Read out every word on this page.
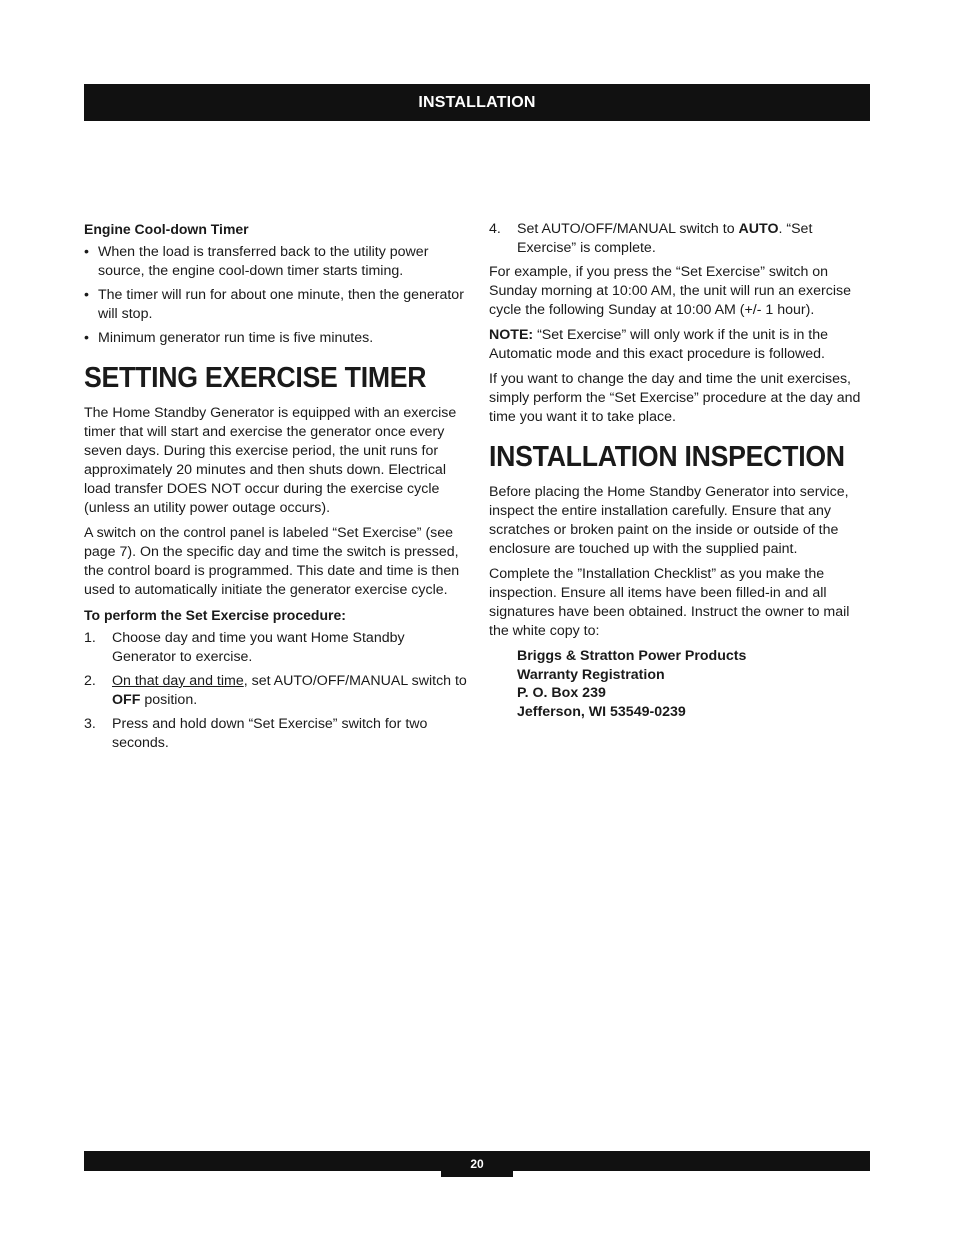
INSTALLATION
Engine Cool-down Timer
• When the load is transferred back to the utility power source, the engine cool-down timer starts timing.
• The timer will run for about one minute, then the generator will stop.
• Minimum generator run time is five minutes.
SETTING EXERCISE TIMER

The Home Standby Generator is equipped with an exercise timer that will start and exercise the generator once every seven days. During this exercise period, the unit runs for approximately 20 minutes and then shuts down. Electrical load transfer DOES NOT occur during the exercise cycle (unless an utility power outage occurs).

A switch on the control panel is labeled “Set Exercise” (see page 7). On the specific day and time the switch is pressed, the control board is programmed. This date and time is then used to automatically initiate the generator exercise cycle.

To perform the Set Exercise procedure:
1.	Choose day and time you want Home Standby Generator to exercise.
2.	On that day and time, set AUTO/OFF/MANUAL switch to OFF position.
3.	Press and hold down “Set Exercise” switch for two seconds.
4.	Set AUTO/OFF/MANUAL switch to AUTO. “Set Exercise” is complete.

For example, if you press the “Set Exercise” switch on Sunday morning at 10:00 AM, the unit will run an exercise cycle the following Sunday at 10:00 AM (+/- 1 hour).

NOTE: “Set Exercise” will only work if the unit is in the Automatic mode and this exact procedure is followed.

If you want to change the day and time the unit exercises, simply perform the “Set Exercise” procedure at the day and time you want it to take place.

INSTALLATION INSPECTION

Before placing the Home Standby Generator into service, inspect the entire installation carefully. Ensure that any scratches or broken paint on the inside or outside of the enclosure are touched up with the supplied paint.

Complete the ”Installation Checklist” as you make the inspection. Ensure all items have been filled-in and all signatures have been obtained. Instruct the owner to mail the white copy to:

Briggs & Stratton Power Products
Warranty Registration
P. O. Box 239
Jefferson, WI 53549-0239
20
